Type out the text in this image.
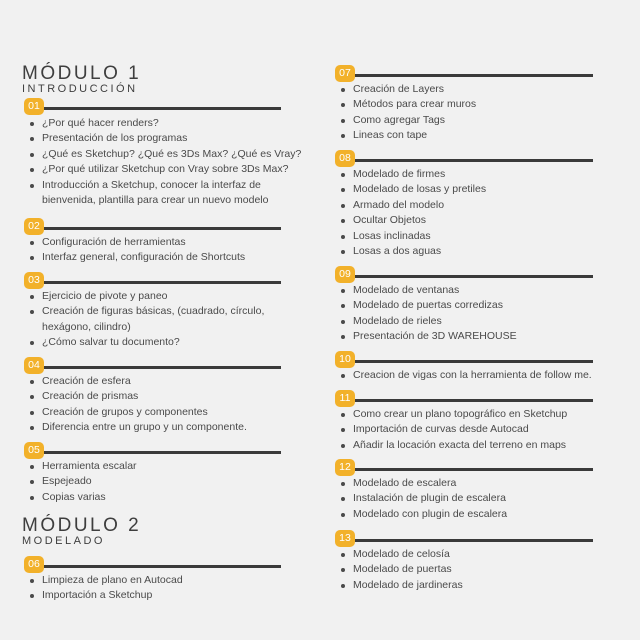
MÓDULO 1
INTRODUCCIÓN
MÓDULO 2
MODELADO
01
¿Por qué hacer renders?
Presentación de los programas
¿Qué es Sketchup? ¿Qué es 3Ds Max? ¿Qué es Vray?
¿Por qué utilizar Sketchup con Vray sobre 3Ds Max?
Introducción a Sketchup, conocer la interfaz de bienvenida, plantilla para crear un nuevo modelo
02
Configuración de herramientas
Interfaz general, configuración de Shortcuts
03
Ejercicio de pivote y paneo
Creación de figuras básicas, (cuadrado, círculo, hexágono, cilindro)
¿Cómo salvar tu documento?
04
Creación de esfera
Creación de prismas
Creación de grupos y componentes
Diferencia entre un grupo y un componente.
05
Herramienta escalar
Espejeado
Copias varias
06
Limpieza de plano en Autocad
Importación a Sketchup
07
Creación de Layers
Métodos para crear muros
Como agregar Tags
Lineas con tape
08
Modelado de firmes
Modelado de losas y pretiles
Armado del modelo
Ocultar Objetos
Losas inclinadas
Losas a dos aguas
09
Modelado de ventanas
Modelado de puertas corredizas
Modelado de rieles
Presentación de 3D WAREHOUSE
10
Creacion de vigas con la herramienta de follow me.
11
Como crear un plano topográfico en Sketchup
Importación de curvas desde Autocad
Añadir la locación exacta del terreno en maps
12
Modelado de escalera
Instalación de plugin de escalera
Modelado con plugin de escalera
13
Modelado de celosía
Modelado de puertas
Modelado de jardineras
